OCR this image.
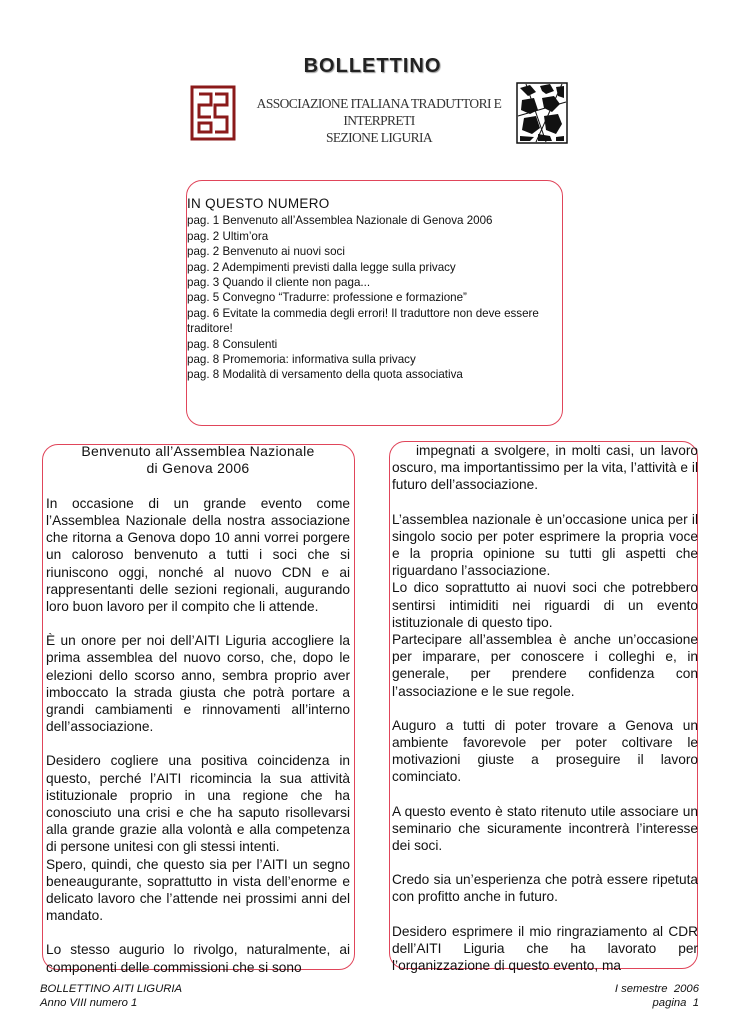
BOLLETTINO
ASSOCIAZIONE ITALIANA TRADUTTORI E INTERPRETI
SEZIONE LIGURIA
IN QUESTO NUMERO
pag. 1 Benvenuto all’Assemblea Nazionale di Genova 2006
pag. 2 Ultim’ora
pag. 2 Benvenuto ai nuovi soci
pag. 2 Adempimenti previsti dalla legge sulla privacy
pag. 3 Quando il cliente non paga...
pag. 5 Convegno “Tradurre: professione e formazione”
pag. 6 Evitate la commedia degli errori! Il traduttore non deve essere traditore!
pag. 8 Consulenti
pag. 8 Promemoria: informativa sulla privacy
pag. 8 Modalità di versamento della quota associativa
Benvenuto all’Assemblea Nazionale
di Genova 2006

In occasione di un grande evento come l’Assemblea Nazionale della nostra associazione che ritorna a Genova dopo 10 anni vorrei porgere un caloroso benvenuto a tutti i soci che si riuniscono oggi, nonché al nuovo CDN e ai rappresentanti delle sezioni regionali, augurando loro buon lavoro per il compito che li attende.

È un onore per noi dell’AITI Liguria accogliere la prima assemblea del nuovo corso, che, dopo le elezioni dello scorso anno, sembra proprio aver imboccato la strada giusta che potrà portare a grandi cambiamenti e rinnovamenti all’interno dell’associazione.

Desidero cogliere una positiva coincidenza in questo, perché l’AITI ricomincia la sua attività istituzionale proprio in una regione che ha conosciuto una crisi e che ha saputo risollevarsi alla grande grazie alla volontà e alla competenza di persone unitesi con gli stessi intenti.

Spero, quindi, che questo sia per l’AITI un segno beneaugurante, soprattutto in vista dell’enorme e delicato lavoro che l’attende nei prossimi anni del mandato.

Lo stesso augurio lo rivolgo, naturalmente, ai componenti delle commissioni che si sono

impegnati a svolgere, in molti casi, un lavoro oscuro, ma importantissimo per la vita, l’attività e il futuro dell’associazione.

L’assemblea nazionale è un’occasione unica per il singolo socio per poter esprimere la propria voce e la propria opinione su tutti gli aspetti che riguardano l’associazione.

Lo dico soprattutto ai nuovi soci che potrebbero sentirsi intimiditi nei riguardi di un evento istituzionale di questo tipo.

Partecipare all’assemblea è anche un’occasione per imparare, per conoscere i colleghi e, in generale, per prendere confidenza con l’associazione e le sue regole.

Auguro a tutti di poter trovare a Genova un ambiente favorevole per poter coltivare le motivazioni giuste a proseguire il lavoro cominciato.

A questo evento è stato ritenuto utile associare un seminario che sicuramente incontrerà l’interesse dei soci.

Credo sia un’esperienza che potrà essere ripetuta con profitto anche in futuro.

Desidero esprimere il mio ringraziamento al CDR dell’AITI Liguria che ha lavorato per l’organizzazione di questo evento, ma

BOLLETTINO AITI LIGURIA
Anno VIII numero 1
I semestre  2006
pagina  1
